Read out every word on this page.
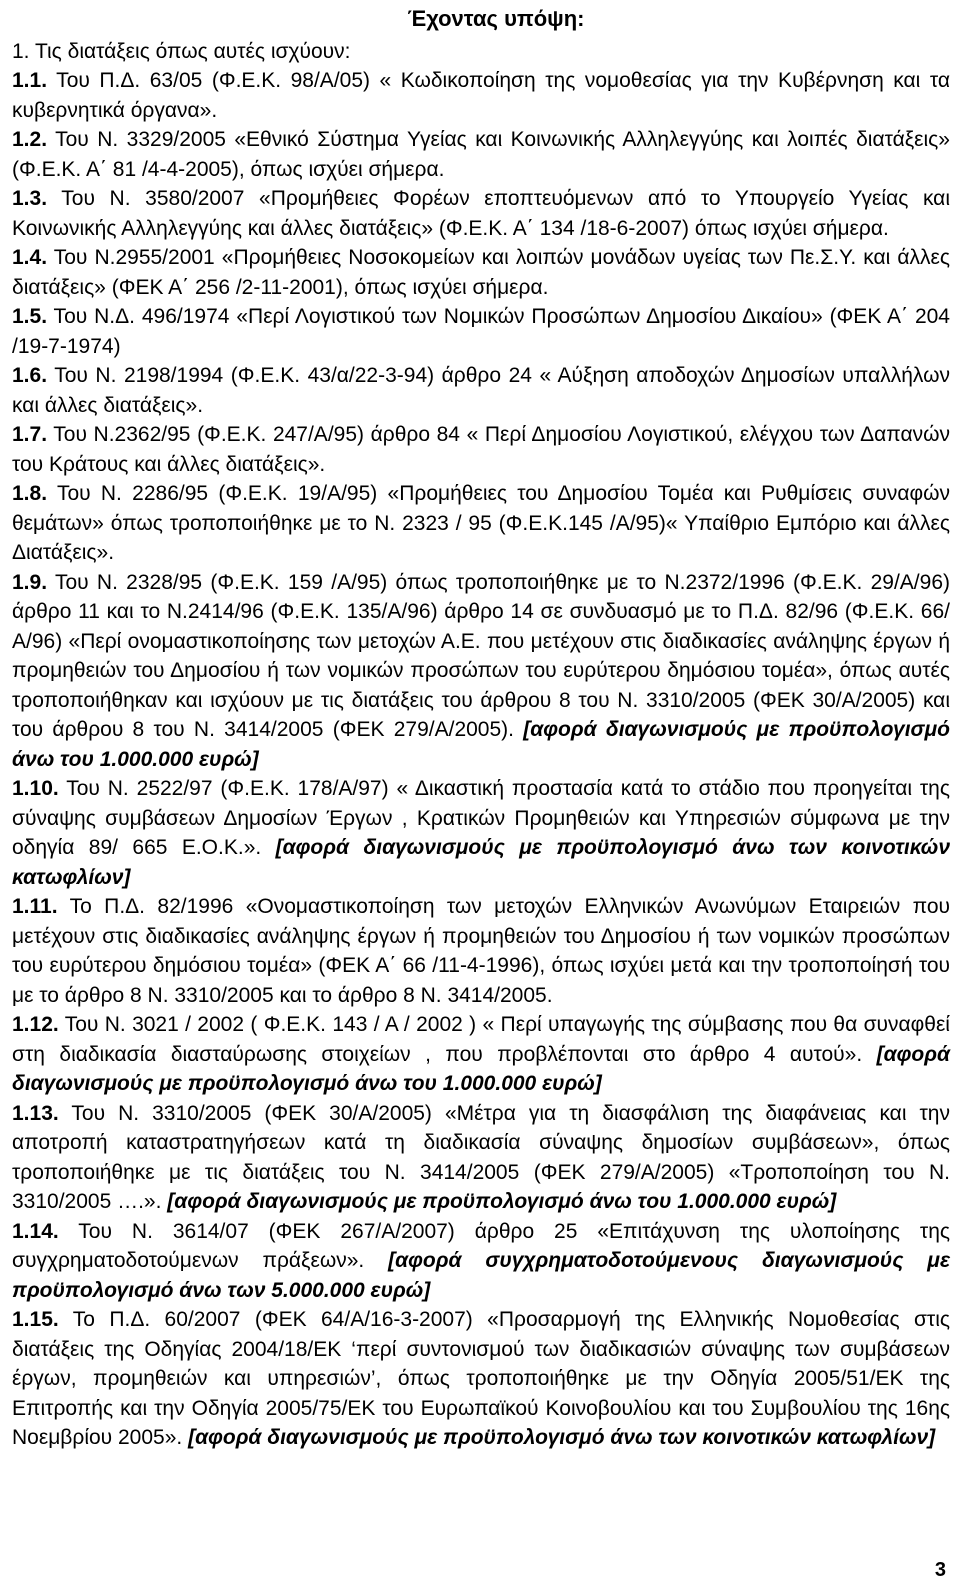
Έχοντας υπόψη:

1. Τις διατάξεις όπως αυτές ισχύουν:

1.1. Του Π.Δ. 63/05 (Φ.Ε.Κ. 98/Α/05) « Κωδικοποίηση της νομοθεσίας για την Κυβέρνηση και τα κυβερνητικά όργανα».

1.2. Του Ν. 3329/2005 «Εθνικό Σύστημα Υγείας και Κοινωνικής Αλληλεγγύης και λοιπές διατάξεις» (Φ.Ε.Κ. Α΄ 81 /4-4-2005), όπως ισχύει σήμερα.

1.3. Του Ν. 3580/2007 «Προμήθειες Φορέων εποπτευόμενων από το Υπουργείο Υγείας και Κοινωνικής Αλληλεγγύης και άλλες διατάξεις» (Φ.Ε.Κ. Α΄ 134 /18-6-2007) όπως ισχύει σήμερα.

1.4. Του Ν.2955/2001 «Προμήθειες Νοσοκομείων και λοιπών μονάδων υγείας των Πε.Σ.Υ. και άλλες διατάξεις» (ΦΕΚ Α΄ 256 /2-11-2001), όπως ισχύει σήμερα.

1.5. Του Ν.Δ. 496/1974 «Περί Λογιστικού των Νομικών Προσώπων Δημοσίου Δικαίου» (ΦΕΚ Α΄ 204 /19-7-1974)

1.6. Του Ν. 2198/1994 (Φ.Ε.Κ. 43/α/22-3-94) άρθρο 24 « Αύξηση αποδοχών Δημοσίων υπαλλήλων και άλλες διατάξεις».

1.7. Του Ν.2362/95 (Φ.Ε.Κ. 247/Α/95) άρθρο 84 « Περί Δημοσίου Λογιστικού, ελέγχου των Δαπανών του Κράτους και άλλες διατάξεις».

1.8. Του Ν. 2286/95 (Φ.Ε.Κ. 19/Α/95) «Προμήθειες του Δημοσίου Τομέα και Ρυθμίσεις συναφών θεμάτων» όπως τροποποιήθηκε με το Ν. 2323 / 95 (Φ.Ε.Κ.145 /Α/95)« Υπαίθριο Εμπόριο και άλλες Διατάξεις».

1.9. Του Ν. 2328/95 (Φ.Ε.Κ. 159 /Α/95) όπως τροποποιήθηκε με το Ν.2372/1996 (Φ.Ε.Κ. 29/Α/96) άρθρο 11 και το Ν.2414/96 (Φ.Ε.Κ. 135/Α/96) άρθρο 14 σε συνδυασμό με το Π.Δ. 82/96 (Φ.Ε.Κ. 66/Α/96) «Περί ονομαστικοποίησης των μετοχών Α.Ε. που μετέχουν στις διαδικασίες ανάληψης έργων ή προμηθειών του Δημοσίου ή των νομικών προσώπων του ευρύτερου δημόσιου τομέα», όπως αυτές τροποποιήθηκαν και ισχύουν με τις διατάξεις του άρθρου 8 του Ν. 3310/2005 (ΦΕΚ 30/Α/2005) και του άρθρου 8 του Ν. 3414/2005 (ΦΕΚ 279/Α/2005). [αφορά διαγωνισμούς με προϋπολογισμό άνω του 1.000.000 ευρώ]

1.10. Του Ν. 2522/97 (Φ.Ε.Κ. 178/Α/97) « Δικαστική προστασία κατά το στάδιο που προηγείται της σύναψης συμβάσεων Δημοσίων Έργων , Κρατικών Προμηθειών και Υπηρεσιών σύμφωνα με την οδηγία 89/ 665 Ε.Ο.Κ.». [αφορά διαγωνισμούς με προϋπολογισμό άνω των κοινοτικών κατωφλίων]

1.11. Το Π.Δ. 82/1996 «Ονομαστικοποίηση των μετοχών Ελληνικών Ανωνύμων Εταιρειών που μετέχουν στις διαδικασίες ανάληψης έργων ή προμηθειών του Δημοσίου ή των νομικών προσώπων του ευρύτερου δημόσιου τομέα» (ΦΕΚ Α΄ 66 /11-4-1996), όπως ισχύει μετά και την τροποποίησή του με το άρθρο 8 Ν. 3310/2005 και το άρθρο 8 Ν. 3414/2005.

1.12. Του Ν. 3021 / 2002 ( Φ.Ε.Κ. 143 / Α / 2002 ) « Περί υπαγωγής της σύμβασης που θα συναφθεί στη διαδικασία διασταύρωσης στοιχείων , που προβλέπονται στο άρθρο 4 αυτού». [αφορά διαγωνισμούς με προϋπολογισμό άνω του 1.000.000 ευρώ]

1.13. Του Ν. 3310/2005 (ΦΕΚ 30/Α/2005) «Μέτρα για τη διασφάλιση της διαφάνειας και την αποτροπή καταστρατηγήσεων κατά τη διαδικασία σύναψης δημοσίων συμβάσεων», όπως τροποποιήθηκε με τις διατάξεις του Ν. 3414/2005 (ΦΕΚ 279/Α/2005) «Τροποποίηση του Ν. 3310/2005 ….». [αφορά διαγωνισμούς με προϋπολογισμό άνω του 1.000.000 ευρώ]

1.14. Του Ν. 3614/07 (ΦΕΚ 267/Α/2007) άρθρο 25 «Επιτάχυνση της υλοποίησης της συγχρηματοδοτούμενων πράξεων». [αφορά συγχρηματοδοτούμενους διαγωνισμούς με προϋπολογισμό άνω των 5.000.000 ευρώ]

1.15. Το Π.Δ. 60/2007 (ΦΕΚ 64/Α/16-3-2007) «Προσαρμογή της Ελληνικής Νομοθεσίας στις διατάξεις της Οδηγίας 2004/18/ΕΚ ‘περί συντονισμού των διαδικασιών σύναψης των συμβάσεων έργων, προμηθειών και υπηρεσιών’, όπως τροποποιήθηκε με την Οδηγία 2005/51/ΕΚ της Επιτροπής και την Οδηγία 2005/75/ΕΚ του Ευρωπαϊκού Κοινοβουλίου και του Συμβουλίου της 16ης Νοεμβρίου 2005». [αφορά διαγωνισμούς με προϋπολογισμό άνω των κοινοτικών κατωφλίων]

3
